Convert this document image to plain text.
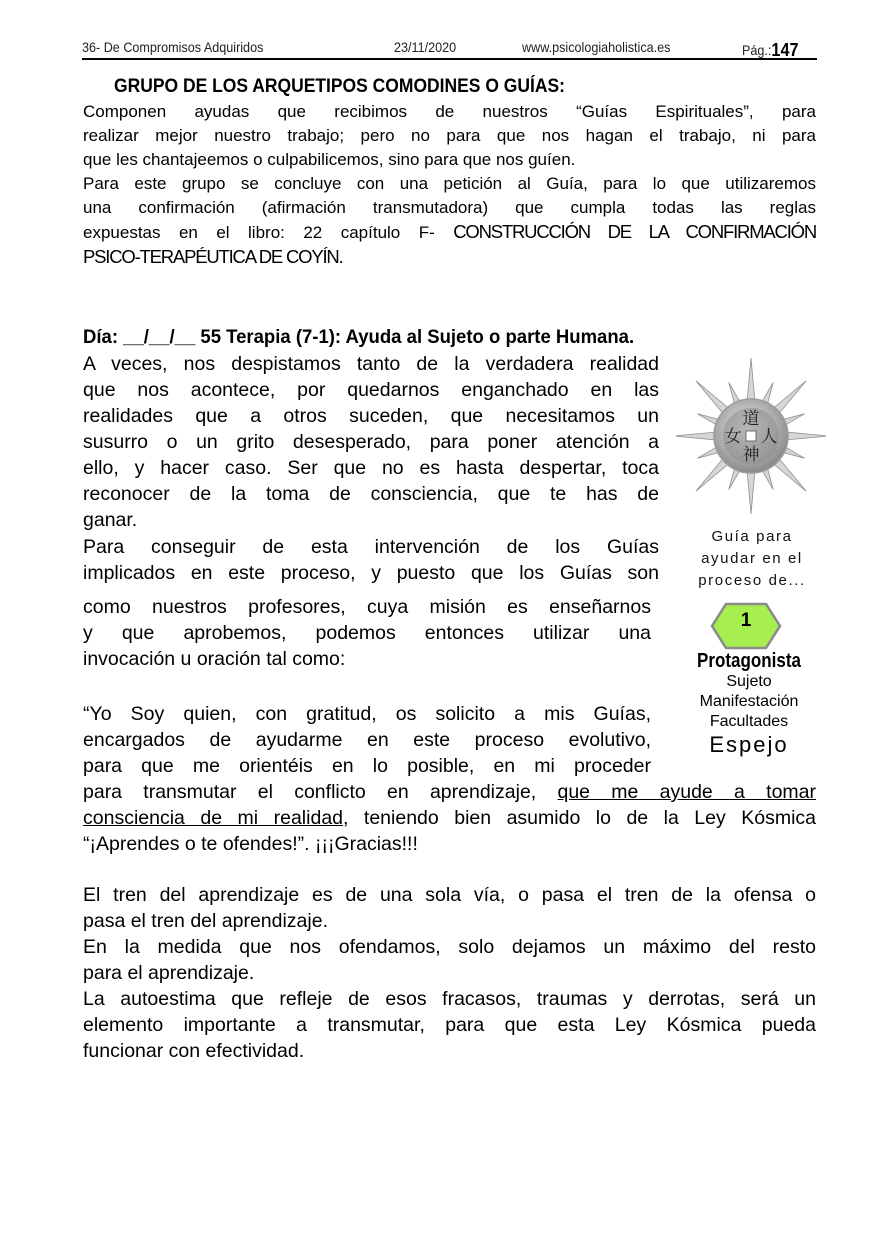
36- De Compromisos Adquiridos	23/11/2020	www.psicologiaholistica.es	Pág.:147
GRUPO DE LOS ARQUETIPOS COMODINES O GUÍAS:
Componen ayudas que recibimos de nuestros “Guías Espirituales”, para
realizar mejor nuestro trabajo; pero no para que nos hagan el trabajo, ni para
que les chantajeemos o culpabilicemos, sino para que nos guíen.
Para este grupo se concluye con una petición al Guía, para lo que utilizaremos
una confirmación (afirmación transmutadora) que cumpla todas las reglas
expuestas en el libro: 22 capítulo F- CONSTRUCCIÓN DE LA CONFIRMACIÓN
PSICO-TERAPÉUTICA DE COYÍN.
Día: __/__/__ 55 Terapia (7-1): Ayuda al Sujeto o parte Humana.
A veces, nos despistamos tanto de la verdadera realidad
que nos acontece, por quedarnos enganchado en las
realidades que a otros suceden, que necesitamos un
susurro o un grito desesperado, para poner atención a
ello, y hacer caso. Ser que no es hasta despertar, toca
reconocer de la toma de consciencia, que te has de
ganar.
Para conseguir de esta intervención de los Guías
implicados en este proceso, y puesto que los Guías son
como nuestros profesores, cuya misión es enseñarnos
y que aprobemos, podemos entonces utilizar una
invocación u oración tal como:
“Yo Soy quien, con gratitud, os solicito a mis Guías,
encargados de ayudarme en este proceso evolutivo,
para que me orientéis en lo posible, en mi proceder
para transmutar el conflicto en aprendizaje, que me ayude a tomar
consciencia de mi realidad, teniendo bien asumido lo de la Ley Kósmica
“¡Aprendes o te ofendes!”. ¡¡¡Gracias!!!
El tren del aprendizaje es de una sola vía, o pasa el tren de la ofensa o
pasa el tren del aprendizaje.
En la medida que nos ofendamos, solo dejamos un máximo del resto
para el aprendizaje.
La autoestima que refleje de esos fracasos, traumas y derrotas, será un
elemento importante a transmutar, para que esta Ley Kósmica pueda
funcionar con efectividad.
道
人
神
女
Guía para
ayudar en el
proceso de...
1
Protagonista
Sujeto
Manifestación
Facultades
Espejo
